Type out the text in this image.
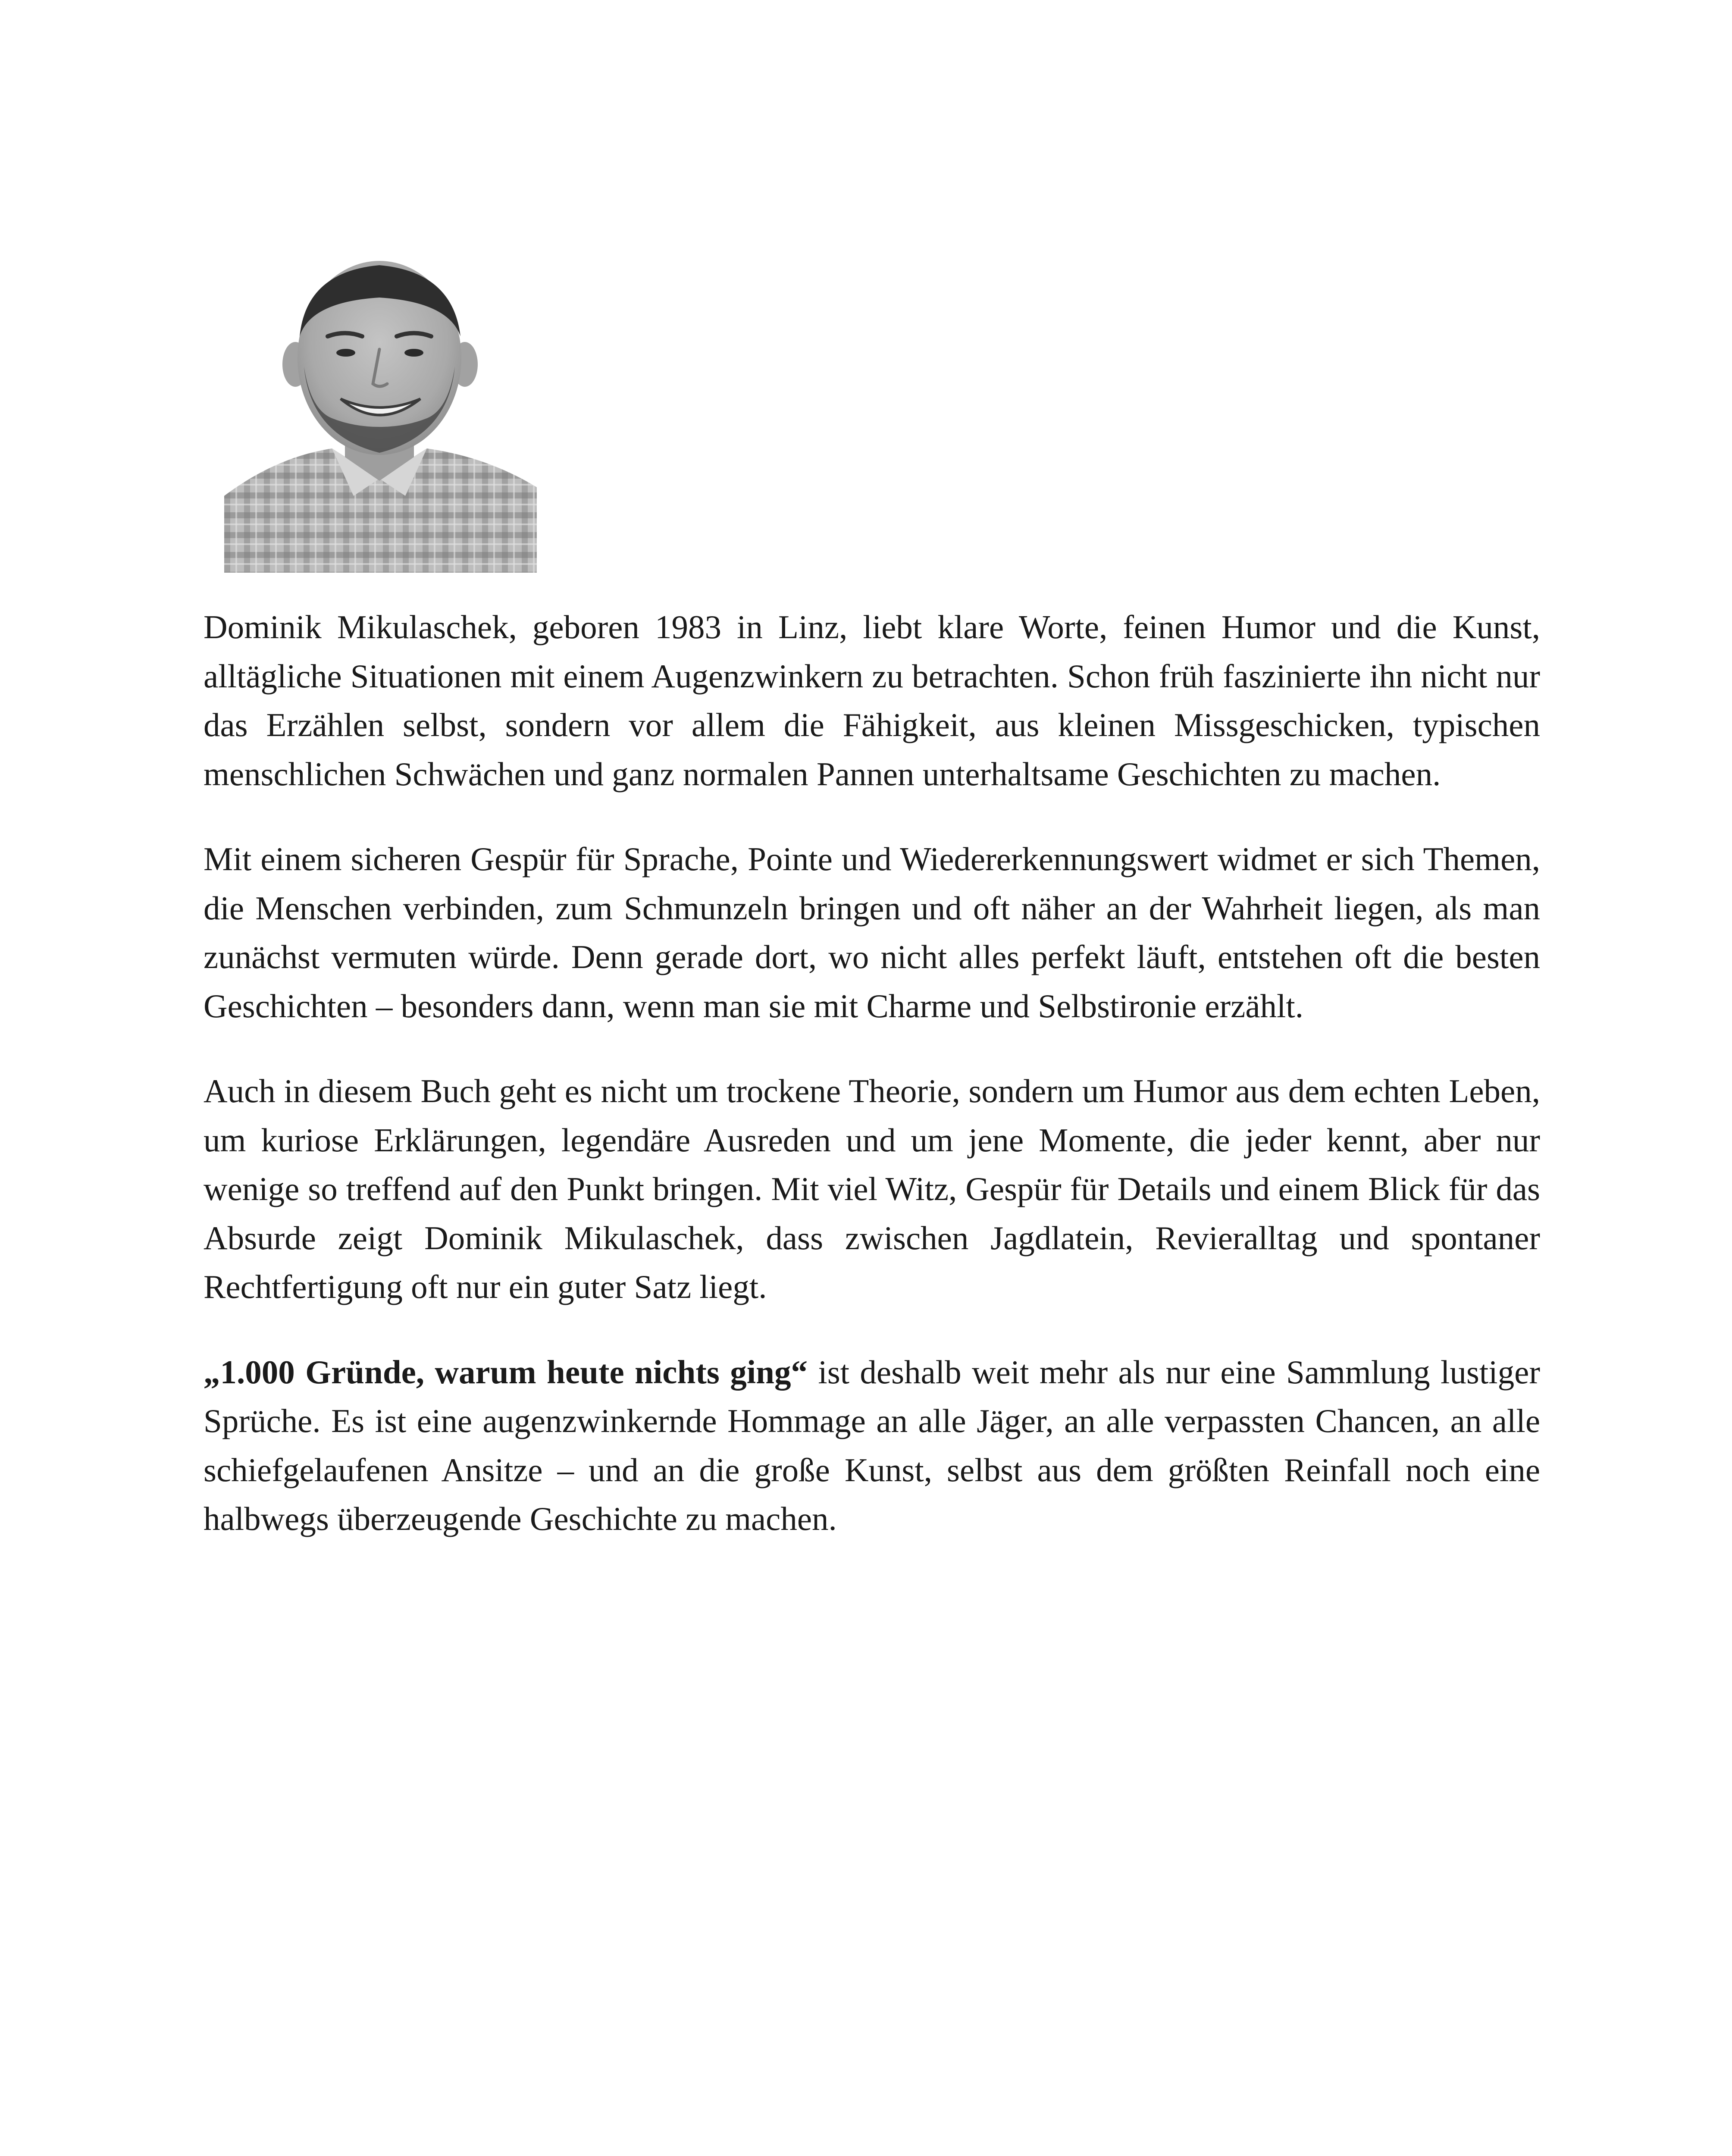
Dominik Mikulaschek, geboren 1983 in Linz, liebt klare Worte, feinen Humor und die Kunst, alltägliche Situationen mit einem Augenzwinkern zu betrachten. Schon früh faszinierte ihn nicht nur das Erzählen selbst, sondern vor allem die Fähigkeit, aus kleinen Missgeschicken, typischen menschlichen Schwächen und ganz normalen Pannen unterhaltsame Geschichten zu machen.

Mit einem sicheren Gespür für Sprache, Pointe und Wiedererkennungswert widmet er sich Themen, die Menschen verbinden, zum Schmunzeln bringen und oft näher an der Wahrheit liegen, als man zunächst vermuten würde. Denn gerade dort, wo nicht alles perfekt läuft, entstehen oft die besten Geschichten – besonders dann, wenn man sie mit Charme und Selbstironie erzählt.

Auch in diesem Buch geht es nicht um trockene Theorie, sondern um Humor aus dem echten Leben, um kuriose Erklärungen, legendäre Ausreden und um jene Momente, die jeder kennt, aber nur wenige so treffend auf den Punkt bringen. Mit viel Witz, Gespür für Details und einem Blick für das Absurde zeigt Dominik Mikulaschek, dass zwischen Jagdlatein, Revieralltag und spontaner Rechtfertigung oft nur ein guter Satz liegt.

„1.000 Gründe, warum heute nichts ging“ ist deshalb weit mehr als nur eine Sammlung lustiger Sprüche. Es ist eine augenzwinkernde Hommage an alle Jäger, an alle verpassten Chancen, an alle schiefgelaufenen Ansitze – und an die große Kunst, selbst aus dem größten Reinfall noch eine halbwegs überzeugende Geschichte zu machen.
